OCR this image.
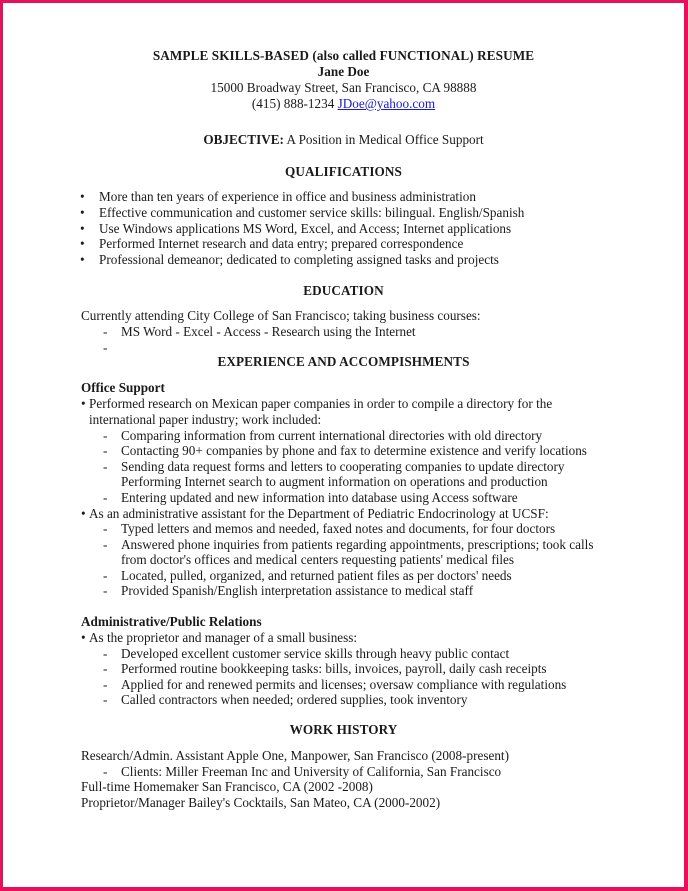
SAMPLE SKILLS-BASED (also called FUNCTIONAL) RESUME
Jane Doe
15000 Broadway Street, San Francisco, CA 98888
(415) 888-1234 JDoe@yahoo.com
OBJECTIVE: A Position in Medical Office Support
QUALIFICATIONS
• More than ten years of experience in office and business administration
• Effective communication and customer service skills: bilingual. English/Spanish
• Use Windows applications MS Word, Excel, and Access; Internet applications
• Performed Internet research and data entry; prepared correspondence
• Professional demeanor; dedicated to completing assigned tasks and projects
EDUCATION
Currently attending City College of San Francisco; taking business courses:
- MS Word - Excel - Access - Research using the Internet
-
EXPERIENCE AND ACCOMPISHMENTS
Office Support
• Performed research on Mexican paper companies in order to compile a directory for the
international paper industry; work included:
- Comparing information from current international directories with old directory
- Contacting 90+ companies by phone and fax to determine existence and verify locations
- Sending data request forms and letters to cooperating companies to update directory
Performing Internet search to augment information on operations and production
- Entering updated and new information into database using Access software
• As an administrative assistant for the Department of Pediatric Endocrinology at UCSF:
- Typed letters and memos and needed, faxed notes and documents, for four doctors
- Answered phone inquiries from patients regarding appointments, prescriptions; took calls
from doctor's offices and medical centers requesting patients' medical files
- Located, pulled, organized, and returned patient files as per doctors' needs
- Provided Spanish/English interpretation assistance to medical staff
Administrative/Public Relations
• As the proprietor and manager of a small business:
- Developed excellent customer service skills through heavy public contact
- Performed routine bookkeeping tasks: bills, invoices, payroll, daily cash receipts
- Applied for and renewed permits and licenses; oversaw compliance with regulations
- Called contractors when needed; ordered supplies, took inventory
WORK HISTORY
Research/Admin. Assistant Apple One, Manpower, San Francisco (2008-present)
- Clients: Miller Freeman Inc and University of California, San Francisco
Full-time Homemaker San Francisco, CA (2002 -2008)
Proprietor/Manager Bailey's Cocktails, San Mateo, CA (2000-2002)
